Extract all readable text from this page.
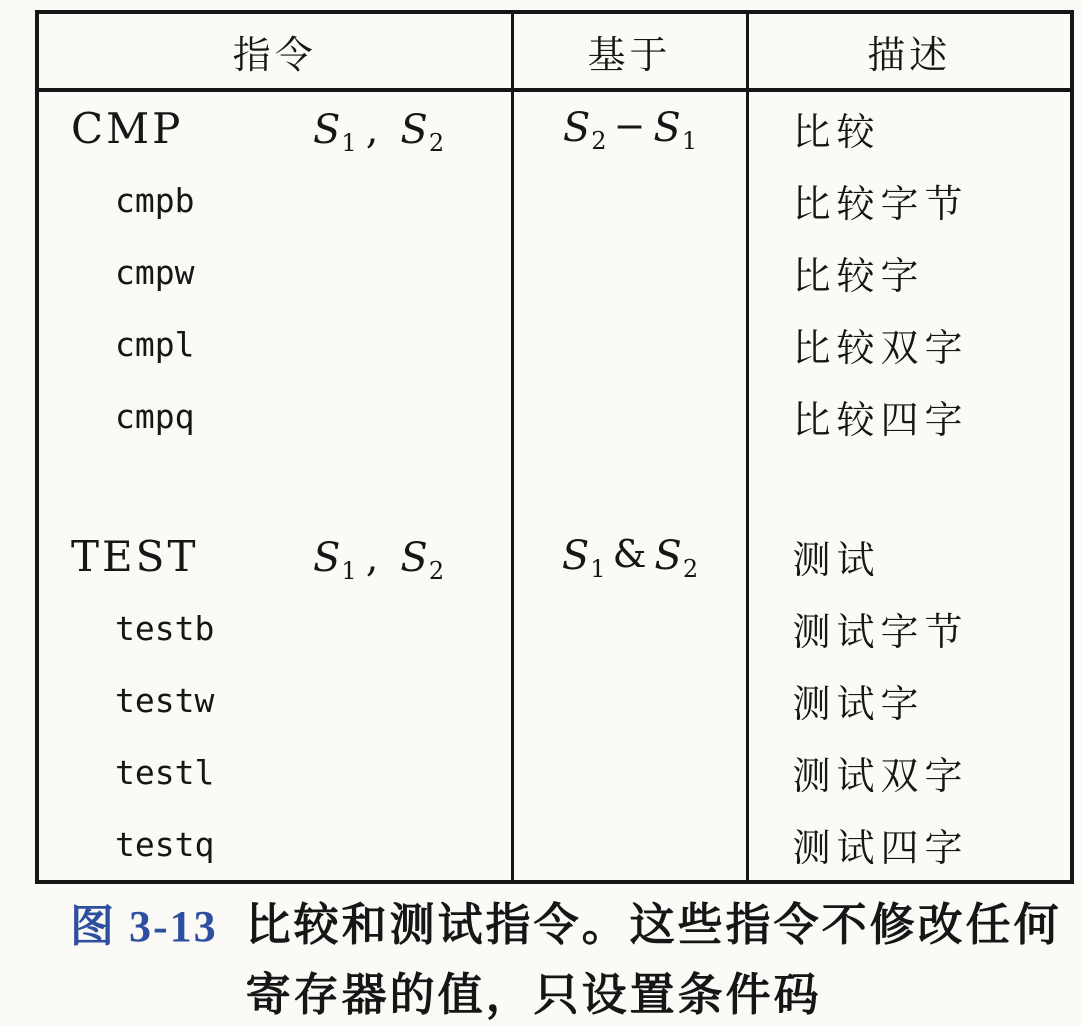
指令	基于	描述
CMP $S_1$ , $S_2$	$S_2 - S_1$	比较
cmpb		比较字节
cmpw		比较字
cmpl		比较双字
cmpq		比较四字

TEST $S_1$ , $S_2$	$S_1$ & $S_2$	测试
testb		测试字节
testw		测试字
testl		测试双字
testq		测试四字
图 3-13 比较和测试指令。这些指令不修改任何
寄存器的值，只设置条件码
